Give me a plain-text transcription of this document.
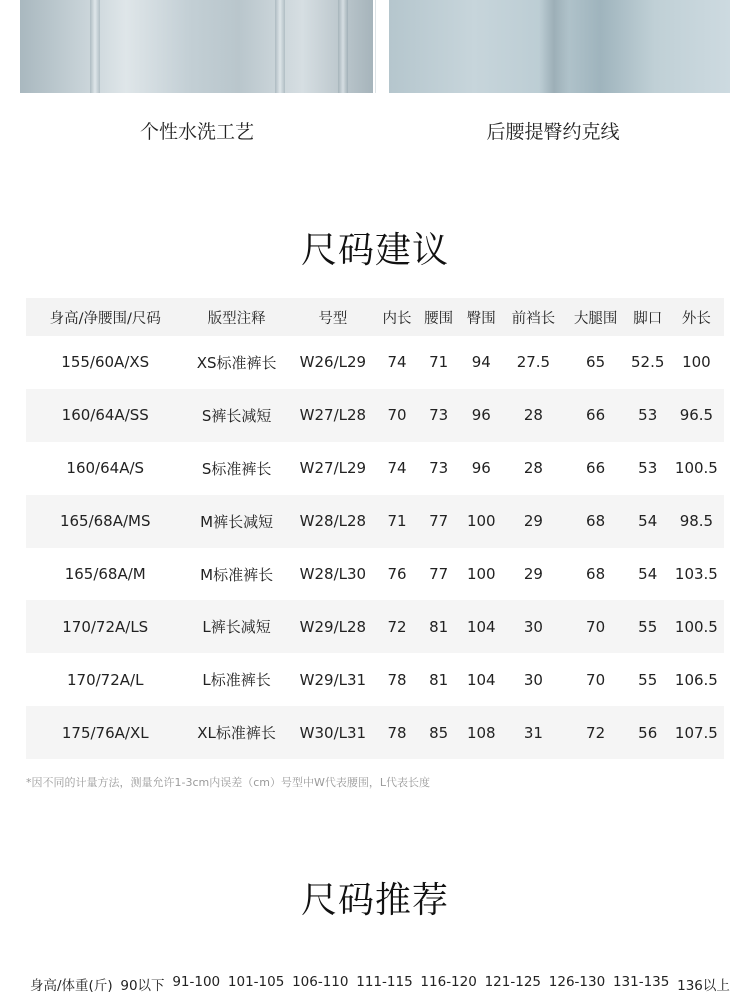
个性水洗工艺	后腰提臀约克线
尺码建议
身高/净腰围/尺码	版型注释	号型	内长	腰围	臀围	前裆长	大腿围	脚口	外长
155/60A/XS	XS标准裤长	W26/L29	74	71	94	27.5	65	52.5	100
160/64A/SS	S裤长减短	W27/L28	70	73	96	28	66	53	96.5
160/64A/S	S标准裤长	W27/L29	74	73	96	28	66	53	100.5
165/68A/MS	M裤长减短	W28/L28	71	77	100	29	68	54	98.5
165/68A/M	M标准裤长	W28/L30	76	77	100	29	68	54	103.5
170/72A/LS	L裤长减短	W29/L28	72	81	104	30	70	55	100.5
170/72A/L	L标准裤长	W29/L31	78	81	104	30	70	55	106.5
175/76A/XL	XL标准裤长	W30/L31	78	85	108	31	72	56	107.5
*因不同的计量方法，测量允许1-3cm内误差（cm）号型中W代表腰围，L代表长度
尺码推荐
身高/体重(斤) 90以下 91-100 101-105 106-110 111-115 116-120 121-125 126-130 131-135 136以上
